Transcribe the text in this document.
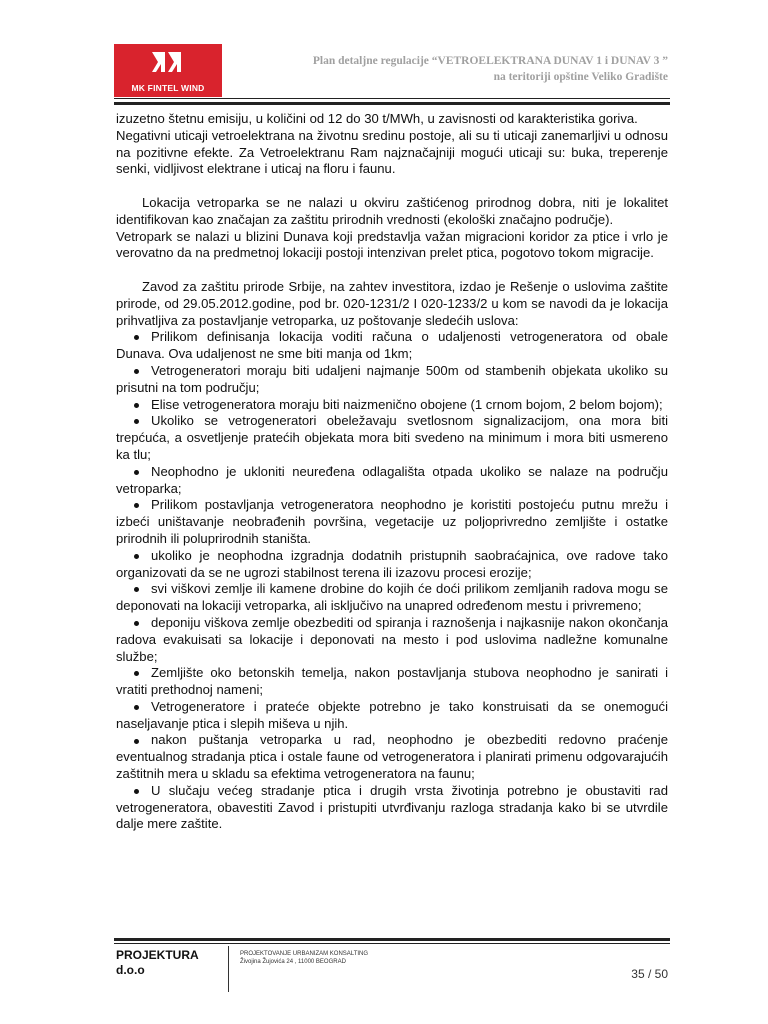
MK FINTEL WIND
Plan detaljne regulacije “VETROELEKTRANA DUNAV 1 i DUNAV 3 ”
na teritoriji opštine Veliko Gradište

izuzetno štetnu emisiju, u količini od 12 do 30 t/MWh, u zavisnosti od karakteristika goriva.

Negativni uticaji vetroelektrana na životnu sredinu postoje, ali su ti uticaji zanemarljivi u odnosu na pozitivne efekte. Za Vetroelektranu Ram najznačajniji mogući uticaji su: buka, treperenje senki, vidljivost elektrane i uticaj na floru i faunu.

Lokacija vetroparka se ne nalazi u okviru zaštićenog prirodnog dobra, niti je lokalitet identifikovan kao značajan za zaštitu prirodnih vrednosti (ekološki značajno područje).

Vetropark se nalazi u blizini Dunava koji predstavlja važan migracioni koridor za ptice i vrlo je verovatno da na predmetnoj lokaciji postoji intenzivan prelet ptica, pogotovo tokom migracije.

Zavod za zaštitu prirode Srbije, na zahtev investitora, izdao je Rešenje o uslovima zaštite prirode, od 29.05.2012.godine, pod br. 020-1231/2 I 020-1233/2 u kom se navodi da je lokacija prihvatljiva za postavljanje vetroparka, uz poštovanje sledećih uslova:

Prilikom definisanja lokacija voditi računa o udaljenosti vetrogeneratora od obale Dunava. Ova udaljenost ne sme biti manja od 1km;
Vetrogeneratori moraju biti udaljeni najmanje 500m od stambenih objekata ukoliko su prisutni na tom području;
Elise vetrogeneratora moraju biti naizmenično obojene (1 crnom bojom, 2 belom bojom);
Ukoliko se vetrogeneratori obeležavaju svetlosnom signalizacijom, ona mora biti trepćuća, a osvetljenje pratećih objekata mora biti svedeno na minimum i mora biti usmereno ka tlu;
Neophodno je ukloniti neuređena odlagališta otpada ukoliko se nalaze na području vetroparka;
Prilikom postavljanja vetrogeneratora neophodno je koristiti postojeću putnu mrežu i izbeći uništavanje neobrađenih površina, vegetacije uz poljoprivredno zemljište i ostatke prirodnih ili poluprirodnih staništa.
ukoliko je neophodna izgradnja dodatnih pristupnih saobraćajnica, ove radove tako organizovati da se ne ugrozi stabilnost terena ili izazovu procesi erozije;
svi viškovi zemlje ili kamene drobine do kojih će doći prilikom zemljanih radova mogu se deponovati na lokaciji vetroparka, ali isključivo na unapred određenom mestu i privremeno;
deponiju viškova zemlje obezbediti od spiranja i raznošenja i najkasnije nakon okončanja radova evakuisati sa lokacije i deponovati na mesto i pod uslovima nadležne komunalne službe;
Zemljište oko betonskih temelja, nakon postavljanja stubova neophodno je sanirati i vratiti prethodnoj nameni;
Vetrogeneratore i prateće objekte potrebno je tako konstruisati da se onemogući naseljavanje ptica i slepih miševa u njih.
nakon puštanja vetroparka u rad, neophodno je obezbediti redovno praćenje eventualnog stradanja ptica i ostale faune od vetrogeneratora i planirati primenu odgovarajućih zaštitnih mera u skladu sa efektima vetrogeneratora na faunu;
U slučaju većeg stradanje ptica i drugih vrsta životinja potrebno je obustaviti rad vetrogeneratora, obavestiti Zavod i pristupiti utvrđivanju razloga stradanja kako bi se utvrdile dalje mere zaštite.
PROJEKTURA
d.o.o
PROJEKTOVANJE URBANIZAM KONSALTING
Živojina Žujovića 24 , 11000 BEOGRAD
35 / 50
